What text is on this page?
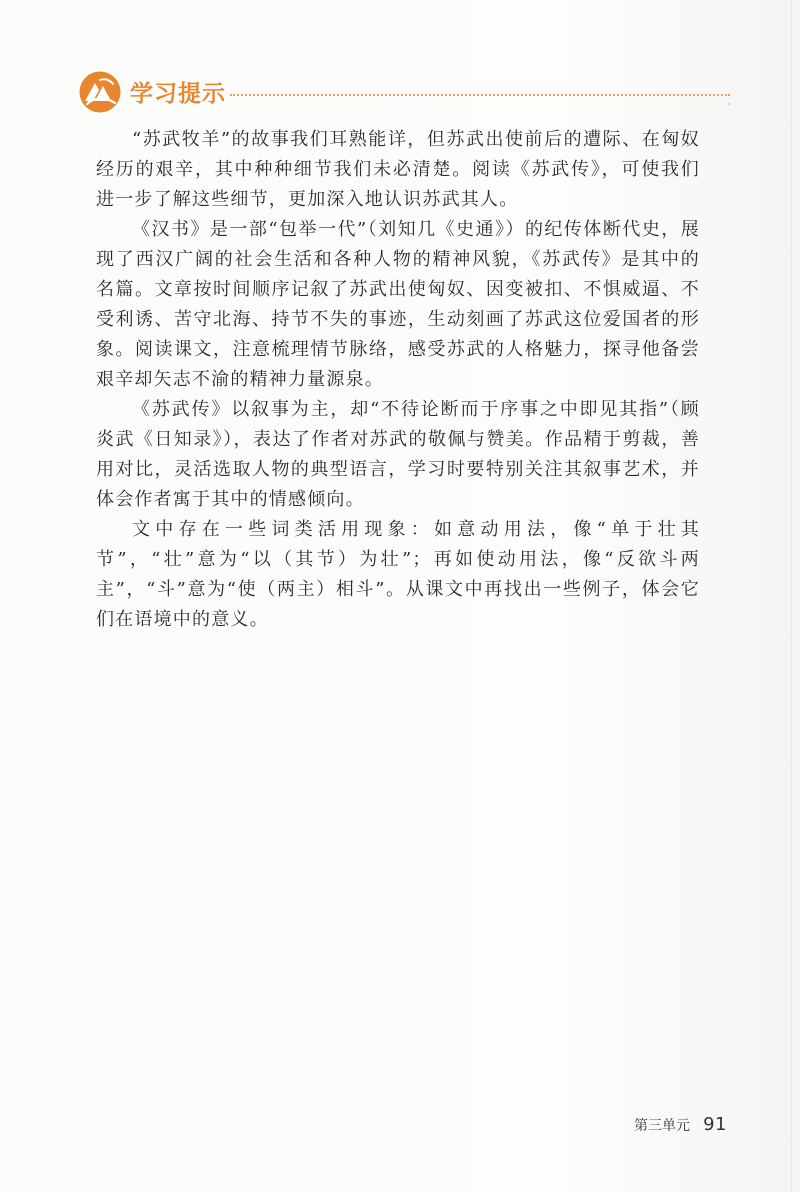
学习提示

“苏武牧羊”的故事我们耳熟能详，但苏武出使前后的遭际、在匈奴经历的艰辛，其中种种细节我们未必清楚。阅读《苏武传》，可使我们进一步了解这些细节，更加深入地认识苏武其人。

《汉书》是一部“包举一代”（刘知几《史通》）的纪传体断代史，展现了西汉广阔的社会生活和各种人物的精神风貌，《苏武传》是其中的名篇。文章按时间顺序记叙了苏武出使匈奴、因变被扣、不惧威逼、不受利诱、苦守北海、持节不失的事迹，生动刻画了苏武这位爱国者的形象。阅读课文，注意梳理情节脉络，感受苏武的人格魅力，探寻他备尝艰辛却矢志不渝的精神力量源泉。

《苏武传》以叙事为主，却“不待论断而于序事之中即见其指”（顾炎武《日知录》），表达了作者对苏武的敬佩与赞美。作品精于剪裁，善用对比，灵活选取人物的典型语言，学习时要特别关注其叙事艺术，并体会作者寓于其中的情感倾向。

文中存在一些词类活用现象：如意动用法，像“单于壮其节”，“壮”意为“以（其节）为壮”；再如使动用法，像“反欲斗两主”，“斗”意为“使（两主）相斗”。从课文中再找出一些例子，体会它们在语境中的意义。

第三单元 91
